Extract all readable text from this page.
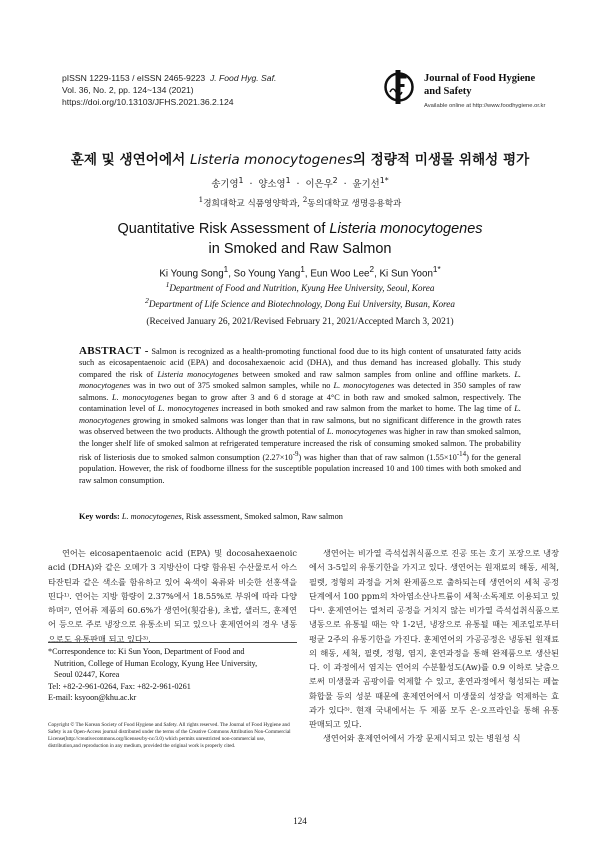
pISSN 1229-1153 / eISSN 2465-9223 J. Food Hyg. Saf.
Vol. 36, No. 2, pp. 124~134 (2021)
https://doi.org/10.13103/JFHS.2021.36.2.124
Journal of Food Hygiene
and Safety
Available online at http://www.foodhygiene.or.kr
훈제 및 생연어에서 Listeria monocytogenes의 정량적 미생물 위해성 평가
송기영$^1$  ·  양소영$^1$  ·  이은우$^2$  ·  윤기선$^{1*}$
$^1$경희대학교 식품영양학과, $^2$동의대학교 생명응용학과
Quantitative Risk Assessment of Listeria monocytogenes
in Smoked and Raw Salmon
Ki Young Song$^1$, So Young Yang$^1$, Eun Woo Lee$^2$, Ki Sun Yoon$^{1*}$
$^1$Department of Food and Nutrition, Kyung Hee University, Seoul, Korea
$^2$Department of Life Science and Biotechnology, Dong Eui University, Busan, Korea
(Received January 26, 2021/Revised February 21, 2021/Accepted March 3, 2021)
ABSTRACT - Salmon is recognized as a health-promoting functional food due to its high content of unsaturated fatty acids such as eicosapentaenoic acid (EPA) and docosahexaenoic acid (DHA), and thus demand has increased globally. This study compared the risk of Listeria monocytogenes between smoked and raw salmon samples from online and offline markets. L. monocytogenes was in two out of 375 smoked salmon samples, while no L. monocytogenes was detected in 350 samples of raw salmons. L. monocytogenes began to grow after 3 and 6 d storage at 4°C in both raw and smoked salmon, respectively. The contamination level of L. monocytogenes increased in both smoked and raw salmon from the market to home. The lag time of L. monocytogenes growing in smoked salmons was longer than that in raw salmons, but no significant difference in the growth rates was observed between the two products. Although the growth potential of L. monocytogenes was higher in raw than smoked salmon, the longer shelf life of smoked salmon at refrigerated temperature increased the risk of consuming smoked salmon. The probability risk of listeriosis due to smoked salmon consumption $(2.27\times 10^{-9})$ was higher than that of raw salmon $(1.55\times 10^{-14})$ for the general population. However, the risk of foodborne illness for the susceptible population increased 10 and 100 times with both smoked and raw salmon consumption.
Key words: L. monocytogenes, Risk assessment, Smoked salmon, Raw salmon

연어는 eicosapentaenoic acid (EPA) 및 docosahexaenoic acid (DHA)와 같은 오메가 3 지방산이 다량 함유된 수산물로서 아스타잔틴과 같은 색소를 함유하고 있어 육색이 육류와 비슷한 선홍색을 띤다¹⁾. 연어는 지방 함량이 2.37%에서 18.55%로 부위에 따라 다양하며²⁾, 연어류 제품의 60.6%가 생연어(횟감용), 초밥, 샐러드, 훈제연어 등으로 주로 냉장으로 유통소비 되고 있으나 훈제연어의 경우 냉동으로도 유통판매 되고 있다³⁾.

*Correspondence to: Ki Sun Yoon, Department of Food and
Nutrition, College of Human Ecology, Kyung Hee University,
Seoul 02447, Korea
Tel: +82-2-961-0264, Fax: +82-2-961-0261
E-mail: ksyoon@khu.ac.kr
Copyright © The Korean Society of Food Hygiene and Safety. All rights reserved. The Journal of Food Hygiene and Safety is an Open-Access journal distributed under the terms of the Creative Commons Attribution Non-Commercial License(http://creativecommons.org/licenses/by-nc/3.0) which permits unrestricted non-commercial use, distribution,and reproduction in any medium, provided the original work is properly cited.

생연어는 비가열 즉석섭취식품으로 진공 또는 호기 포장으로 냉장에서 3-5일의 유통기한을 가지고 있다. 생연어는 원재료의 해동, 세척, 필렛, 정형의 과정을 거쳐 완제품으로 출하되는데 생연어의 세척 공정단계에서 100 ppm의 차아염소산나트륨이 세척·소독제로 이용되고 있다⁴⁾. 훈제연어는 열처리 공정을 거치지 않는 비가열 즉석섭취식품으로 냉동으로 유통될 때는 약 1-2년, 냉장으로 유통될 때는 제조일로부터 평균 2주의 유통기한을 가진다. 훈제연어의 가공공정은 냉동된 원재료의 해동, 세척, 필렛, 정형, 염지, 훈연과정을 통해 완제품으로 생산된다. 이 과정에서 염지는 연어의 수분활성도(Aw)를 0.9 이하로 낮춤으로써 미생물과 곰팡이를 억제할 수 있고, 훈연과정에서 형성되는 페놀화합물 등의 성분 때문에 훈제연어에서 미생물의 성장을 억제하는 효과가 있다⁵⁾. 현재 국내에서는 두 제품 모두 온·오프라인을 통해 유통 판매되고 있다.

생연어와 훈제연어에서 가장 문제시되고 있는 병원성 식

124
